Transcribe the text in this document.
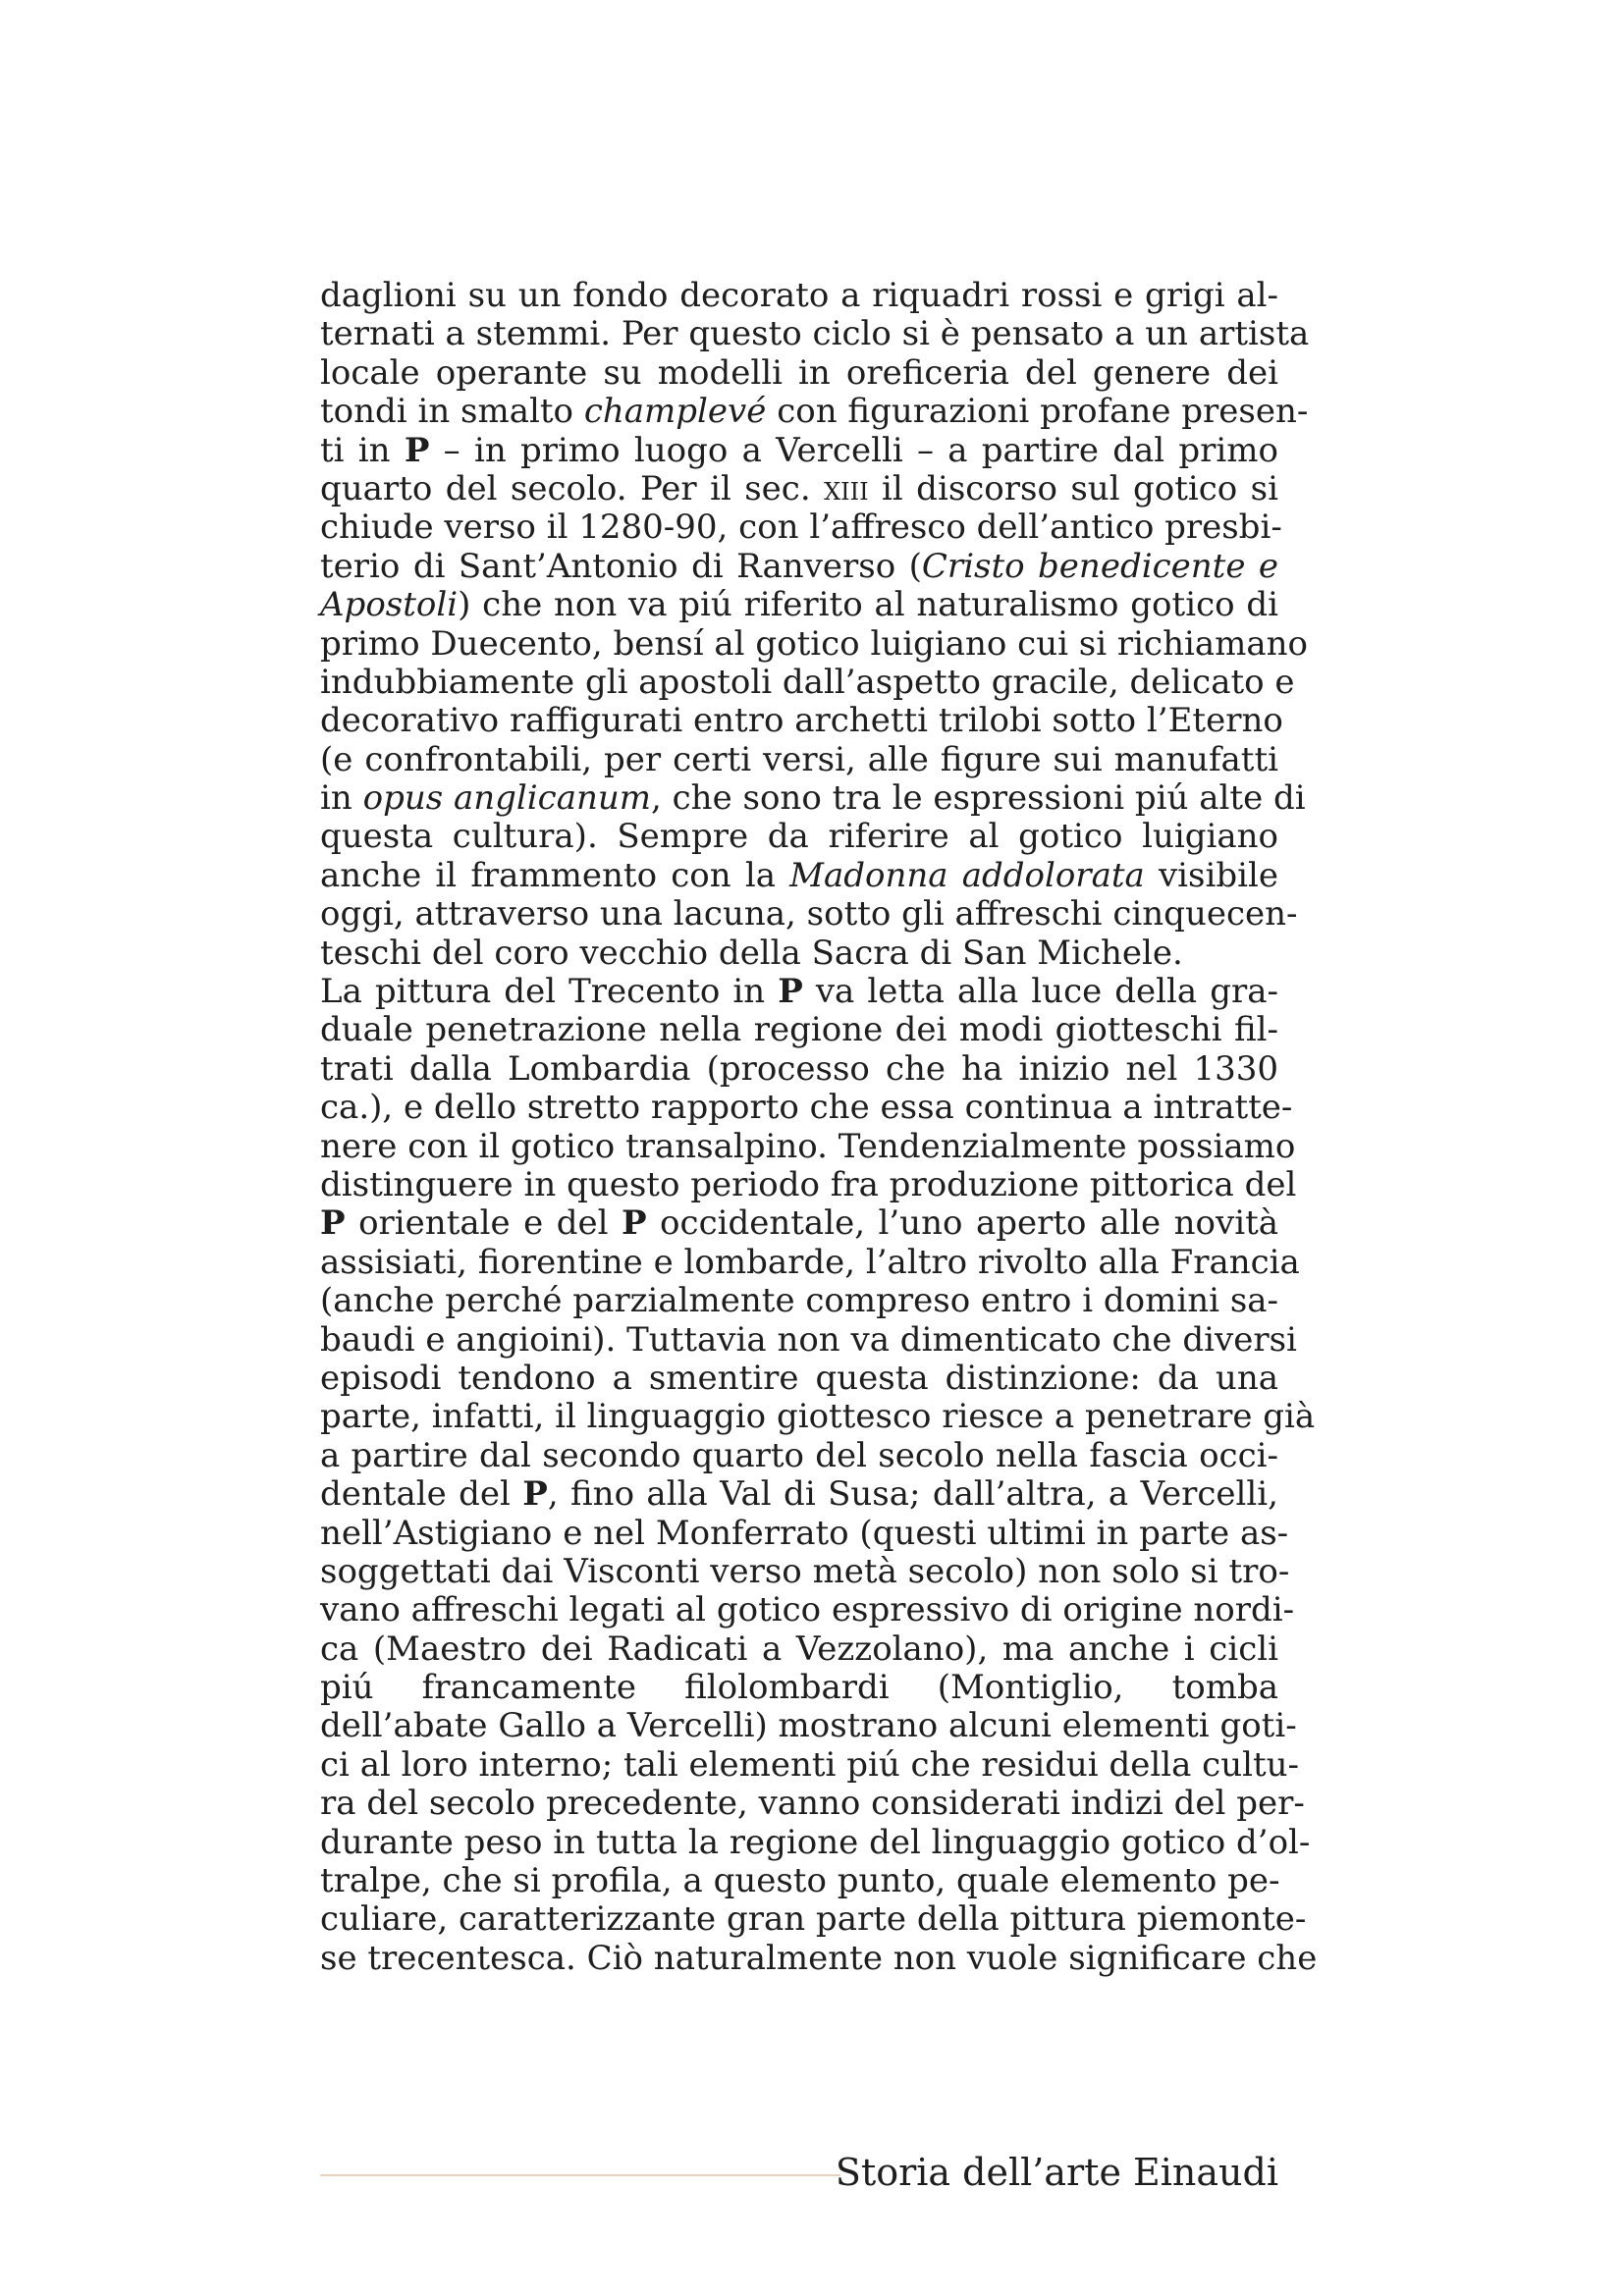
daglioni su un fondo decorato a riquadri rossi e grigi al-
ternati a stemmi. Per questo ciclo si è pensato a un artista
locale operante su modelli in oreficeria del genere dei
tondi in smalto champlevé con figurazioni profane presen-
ti in P – in primo luogo a Vercelli – a partire dal primo
quarto del secolo. Per il sec. xiii il discorso sul gotico si
chiude verso il 1280-90, con l’affresco dell’antico presbi-
terio di Sant’Antonio di Ranverso (Cristo benedicente e
Apostoli) che non va piú riferito al naturalismo gotico di
primo Duecento, bensí al gotico luigiano cui si richiamano
indubbiamente gli apostoli dall’aspetto gracile, delicato e
decorativo raffigurati entro archetti trilobi sotto l’Eterno
(e confrontabili, per certi versi, alle figure sui manufatti
in opus anglicanum, che sono tra le espressioni piú alte di
questa cultura). Sempre da riferire al gotico luigiano
anche il frammento con la Madonna addolorata visibile
oggi, attraverso una lacuna, sotto gli affreschi cinquecen-
teschi del coro vecchio della Sacra di San Michele.
La pittura del Trecento in P va letta alla luce della gra-
duale penetrazione nella regione dei modi giotteschi fil-
trati dalla Lombardia (processo che ha inizio nel 1330
ca.), e dello stretto rapporto che essa continua a intratte-
nere con il gotico transalpino. Tendenzialmente possiamo
distinguere in questo periodo fra produzione pittorica del
P orientale e del P occidentale, l’uno aperto alle novità
assisiati, fiorentine e lombarde, l’altro rivolto alla Francia
(anche perché parzialmente compreso entro i domini sa-
baudi e angioini). Tuttavia non va dimenticato che diversi
episodi tendono a smentire questa distinzione: da una
parte, infatti, il linguaggio giottesco riesce a penetrare già
a partire dal secondo quarto del secolo nella fascia occi-
dentale del P, fino alla Val di Susa; dall’altra, a Vercelli,
nell’Astigiano e nel Monferrato (questi ultimi in parte as-
soggettati dai Visconti verso metà secolo) non solo si tro-
vano affreschi legati al gotico espressivo di origine nordi-
ca (Maestro dei Radicati a Vezzolano), ma anche i cicli
piú francamente filolombardi (Montiglio, tomba
dell’abate Gallo a Vercelli) mostrano alcuni elementi goti-
ci al loro interno; tali elementi piú che residui della cultu-
ra del secolo precedente, vanno considerati indizi del per-
durante peso in tutta la regione del linguaggio gotico d’ol-
tralpe, che si profila, a questo punto, quale elemento pe-
culiare, caratterizzante gran parte della pittura piemonte-
se trecentesca. Ciò naturalmente non vuole significare che
Storia dell’arte Einaudi
